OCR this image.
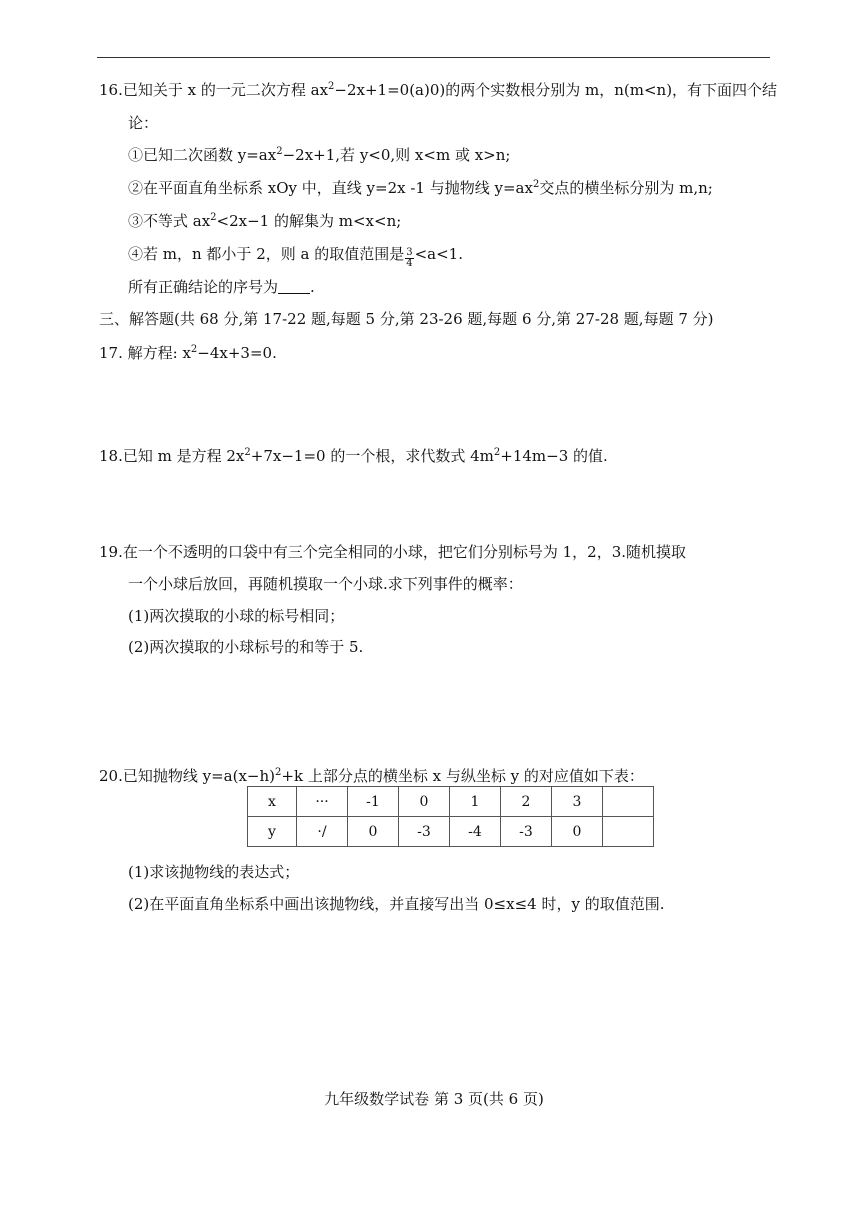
16.已知关于 x 的一元二次方程 $ax^2-2x+1=0(a)0$)的两个实数根分别为 m，n(m<n)，有下面四个结
论：
①已知二次函数 $y=ax^2-2x+1$,若 y<0,则 x<m 或 x>n;
②在平面直角坐标系 xOy 中，直线 y=2x -1 与抛物线 $y=ax^2$交点的横坐标分别为 m,n;
③不等式 $ax^2<2x-1$ 的解集为 m<x<n;
④若 m，n 都小于 2，则 a 的取值范围是 $\frac{3}{4} <a<1$.
所有正确结论的序号为 .
三、解答题(共 68 分,第 17-22 题,每题 5 分,第 23-26 题,每题 6 分,第 27-28 题,每题 7 分)
17. 解方程: $x^2-4x+3=0$.
18.已知 m 是方程 $2x^2+7x-1=0$ 的一个根，求代数式 $4m^2+14m-3$ 的值.
19.在一个不透明的口袋中有三个完全相同的小球，把它们分别标号为 1，2，3.随机摸取
一个小球后放回，再随机摸取一个小球.求下列事件的概率：
(1)两次摸取的小球的标号相同；
(2)两次摸取的小球标号的和等于 5.
20.已知抛物线 $y=a(x-h)^2+k$ 上部分点的横坐标 x 与纵坐标 y 的对应值如下表：
x	···	-1	0	1	2	3	
y	·/	0	-3	-4	-3	0	
(1)求该抛物线的表达式；
(2)在平面直角坐标系中画出该抛物线，并直接写出当 0≤x≤4 时，y 的取值范围.
九年级数学试卷 第 3 页(共 6 页)
